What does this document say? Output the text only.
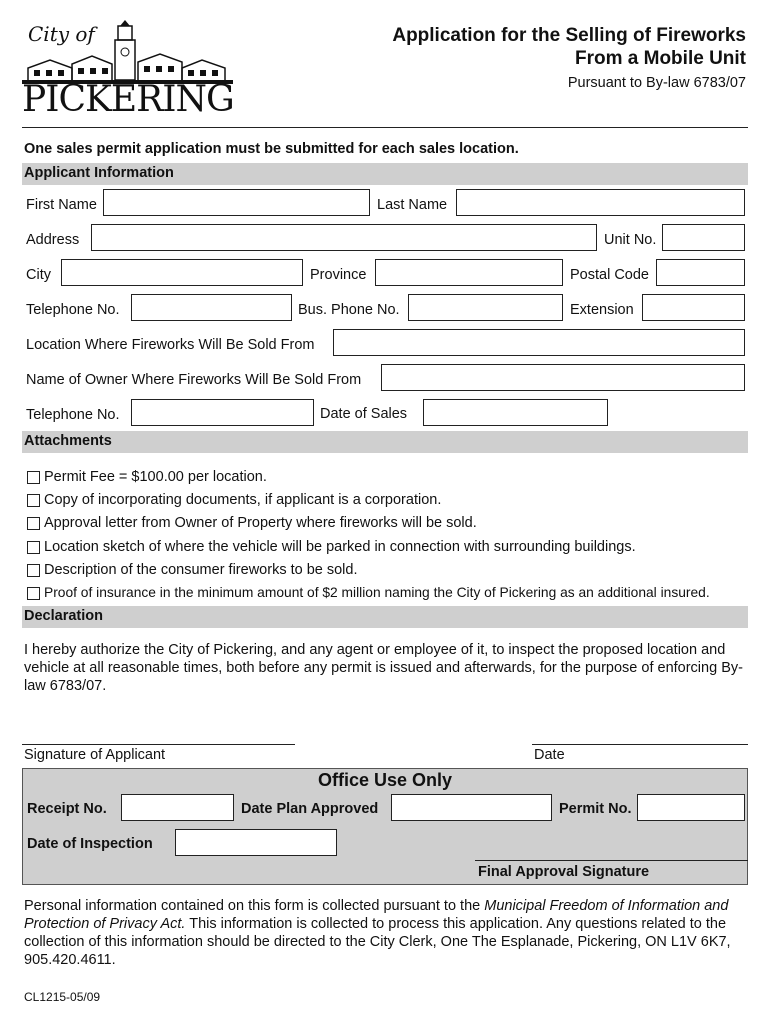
City of
PICKERING
Application for the Selling of Fireworks
From a Mobile Unit
Pursuant to By-law 6783/07
One sales permit application must be submitted for each sales location.
Applicant Information
First Name	Last Name
Address	Unit No.
City	Province	Postal Code
Telephone No.	Bus. Phone No.	Extension
Location Where Fireworks Will Be Sold From
Name of Owner Where Fireworks Will Be Sold From
Telephone No.	Date of Sales
Attachments
Permit Fee = $100.00 per location.
Copy of incorporating documents, if applicant is a corporation.
Approval letter from Owner of Property where fireworks will be sold.
Location sketch of where the vehicle will be parked in connection with surrounding buildings.
Description of the consumer fireworks to be sold.
Proof of insurance in the minimum amount of $2 million naming the City of Pickering as an additional insured.
Declaration
I hereby authorize the City of Pickering, and any agent or employee of it, to inspect the proposed location and vehicle at all reasonable times, both before any permit is issued and afterwards, for the purpose of enforcing By-law 6783/07.
Signature of Applicant	Date
Office Use Only
Receipt No.	Date Plan Approved	Permit No.
Date of Inspection
Final Approval Signature
Personal information contained on this form is collected pursuant to the Municipal Freedom of Information and Protection of Privacy Act. This information is collected to process this application. Any questions related to the collection of this information should be directed to the City Clerk, One The Esplanade, Pickering, ON L1V 6K7, 905.420.4611.
CL1215-05/09
